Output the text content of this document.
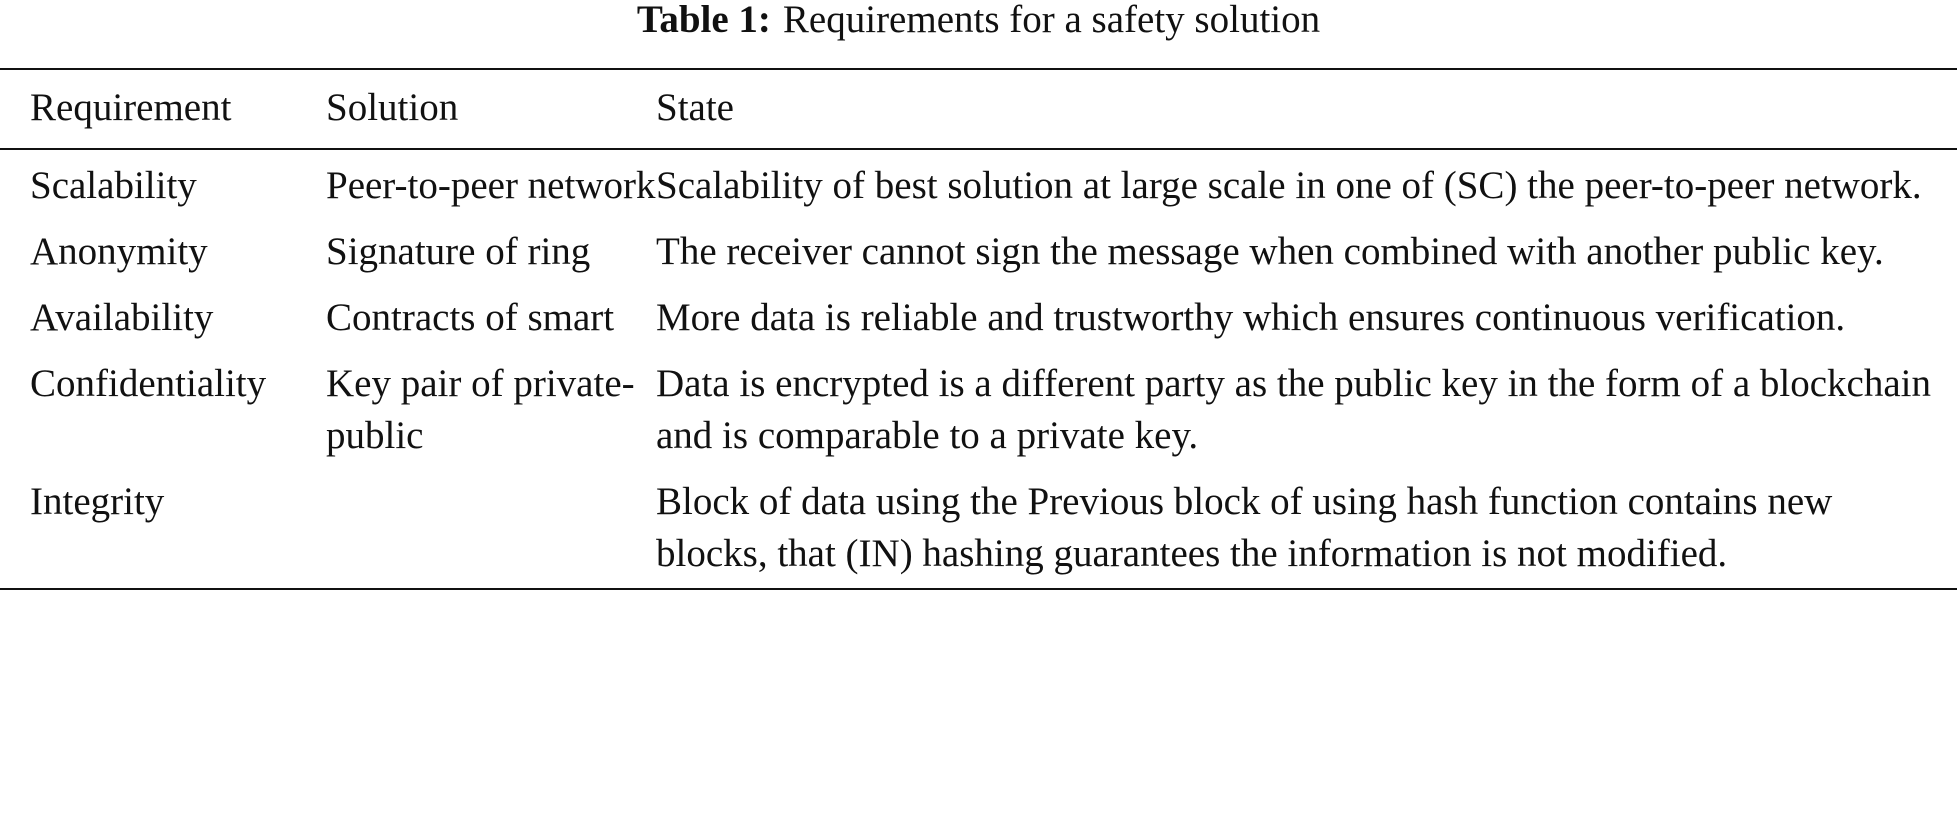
Table 1: Requirements for a safety solution
Requirement	Solution	State
Scalability	Peer-to-peer network	Scalability of best solution at large scale in one of (SC) the peer-to-peer network.
Anonymity	Signature of ring	The receiver cannot sign the message when combined with another public key.
Availability	Contracts of smart	More data is reliable and trustworthy which ensures continuous verification.
Confidentiality	Key pair of private-public	Data is encrypted is a different party as the public key in the form of a blockchain and is comparable to a private key.
Integrity		Block of data using the Previous block of using hash function contains new blocks, that (IN) hashing guarantees the information is not modified.
